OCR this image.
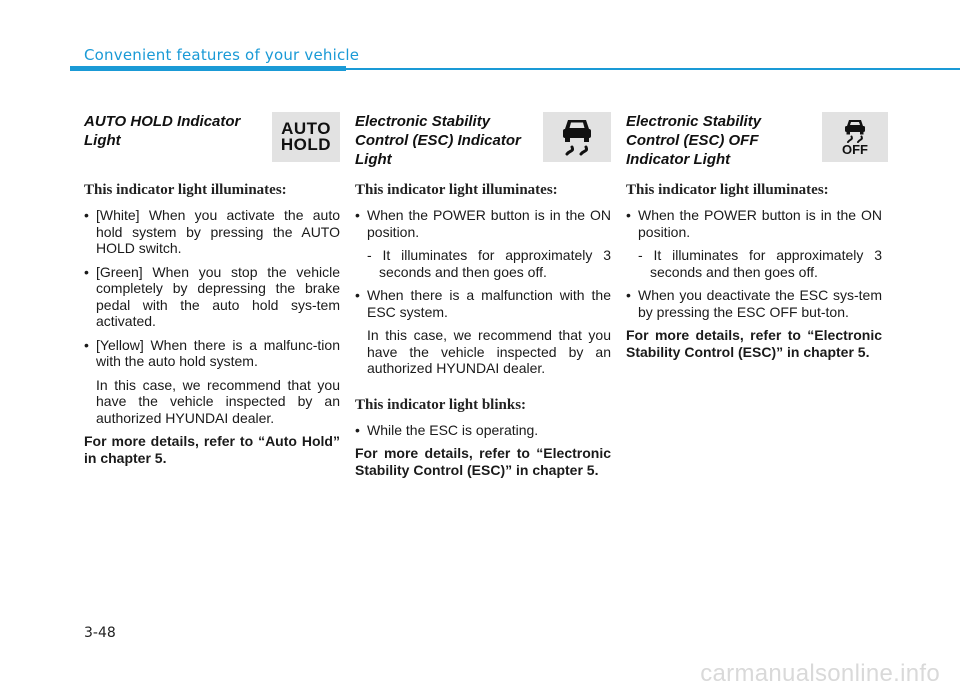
Convenient features of your vehicle

AUTO HOLD Indicator Light

AUTO
HOLD

This indicator light illuminates:

• [White] When you activate the auto hold system by pressing the AUTO HOLD switch.
• [Green] When you stop the vehicle completely by depressing the brake pedal with the auto hold sys-tem activated.
• [Yellow] When there is a malfunc-tion with the auto hold system.

In this case, we recommend that you have the vehicle inspected by an authorized HYUNDAI dealer.

For more details, refer to “Auto Hold” in chapter 5.

Electronic Stability Control (ESC) Indicator Light

This indicator light illuminates:

• When the POWER button is in the ON position.

- It illuminates for approximately 3 seconds and then goes off.

• When there is a malfunction with the ESC system.

In this case, we recommend that you have the vehicle inspected by an authorized HYUNDAI dealer.

This indicator light blinks:

• While the ESC is operating.

For more details, refer to “Electronic Stability Control (ESC)” in chapter 5.

Electronic Stability Control (ESC) OFF Indicator Light

OFF

This indicator light illuminates:

• When the POWER button is in the ON position.

- It illuminates for approximately 3 seconds and then goes off.

• When you deactivate the ESC sys-tem by pressing the ESC OFF but-ton.

For more details, refer to “Electronic Stability Control (ESC)” in chapter 5.

3-48
carmanualsonline.info
